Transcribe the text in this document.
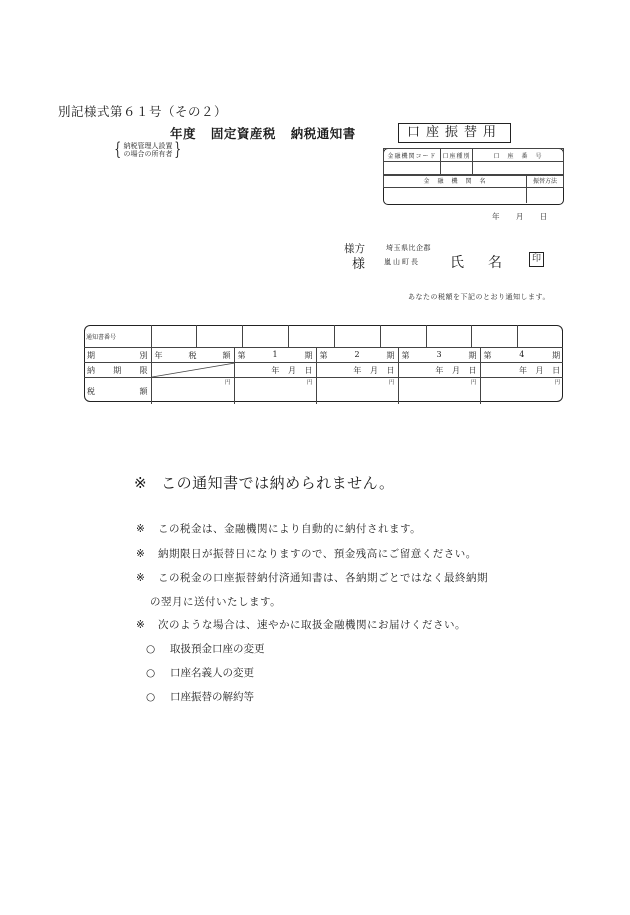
別記様式第６１号（その２）
年度 固定資産税 納税通知書
{ 納税管理人設置
の場合の所有者 }
口座振替用
金融機関コード	口座種別	口　座　番　号

金　融　機　関　名	振替方法
年 月 日
様方	埼玉県比企郡
様	嵐山町長 氏名 印
あなたの税額を下記のとおり通知します。
通知書番号					

期 別	年 税 額	第 1 期	第 2 期	第 3 期	第 4 期

納 期 限		年 月 日	年 月 日	年 月 日	年 月 日

税 額	円	円	円	円	円
※ この通知書では納められません。
※ この税金は、金融機関により自動的に納付されます。
※ 納期限日が振替日になりますので、預金残高にご留意ください。
※ この税金の口座振替納付済通知書は、各納期ごとではなく最終納期
の翌月に送付いたします。
※ 次のような場合は、速やかに取扱金融機関にお届けください。
○ 取扱預金口座の変更
○ 口座名義人の変更
○ 口座振替の解約等
